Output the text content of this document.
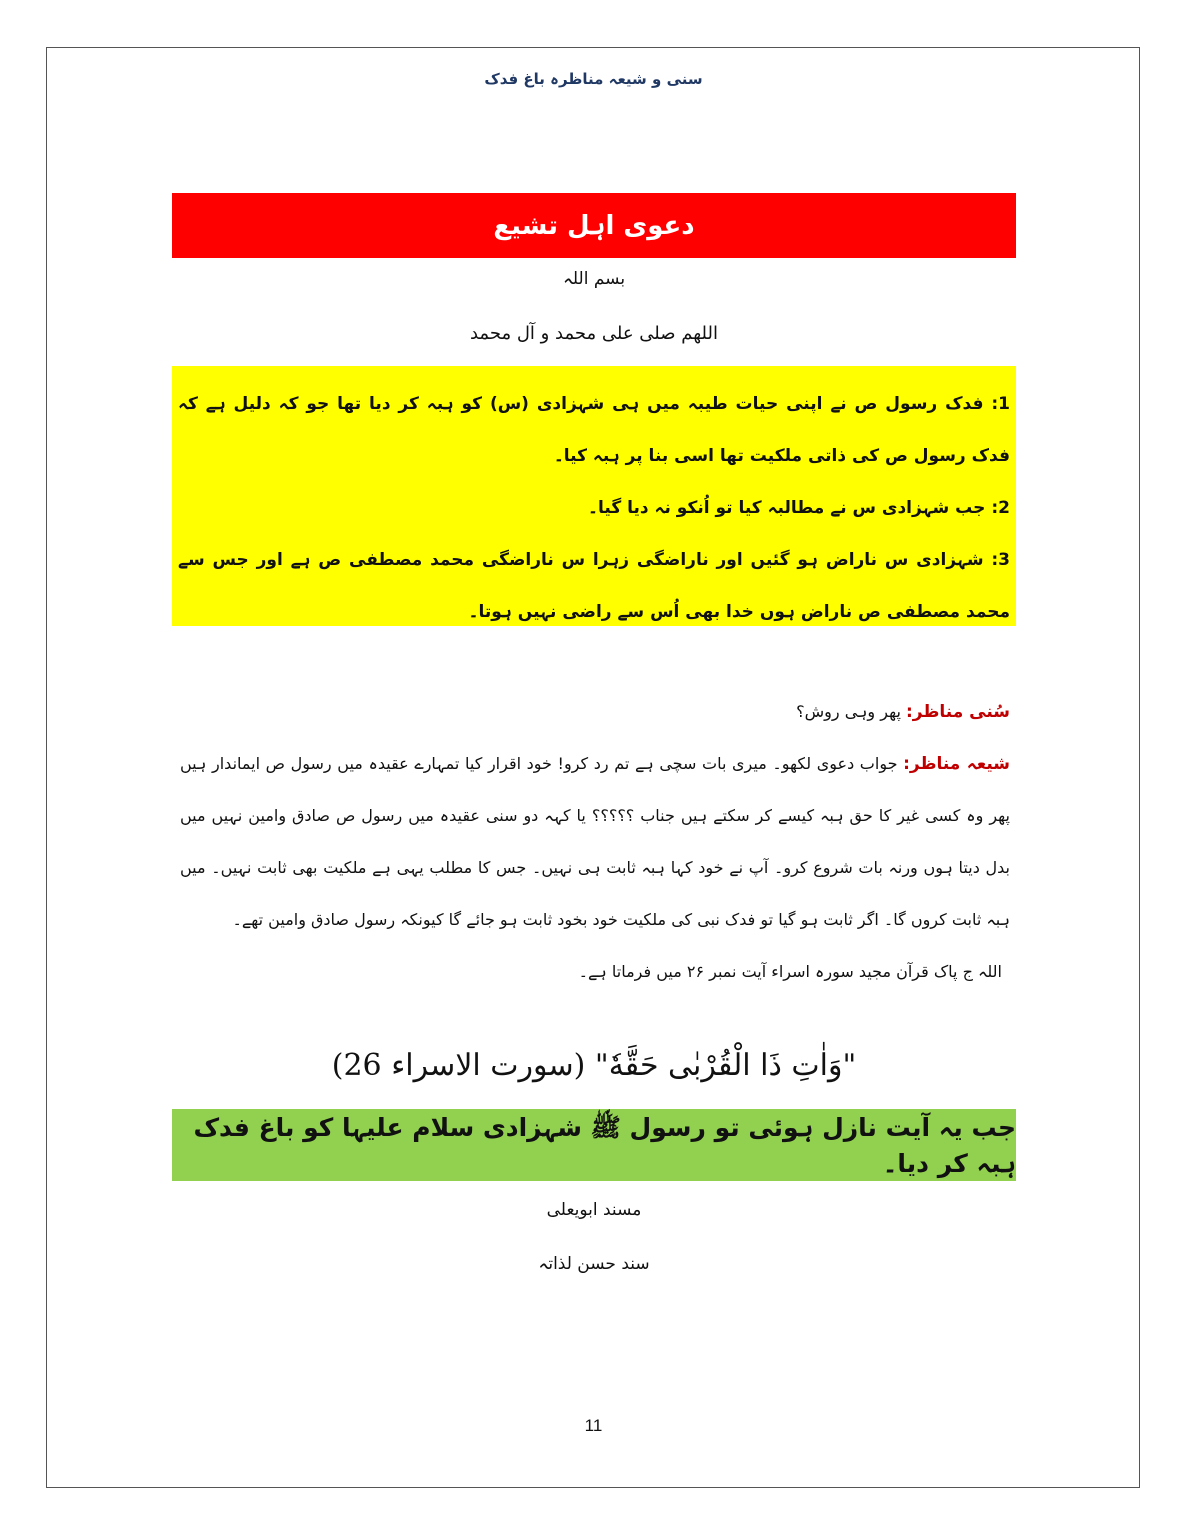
سنی و شیعہ مناظرہ باغ فدک
دعوی اہل تشیع
بسم اللہ
اللھم صلی علی محمد و آل محمد

1: فدک رسول ص نے اپنی حیات طیبہ میں ہی شہزادی (س) کو ہبہ کر دیا تھا جو کہ دلیل ہے کہ فدک رسول ص کی ذاتی ملکیت تھا اسی بنا پر ہبہ کیا۔

2: جب شہزادی س نے مطالبہ کیا تو اُنکو نہ دیا گیا۔

3: شہزادی س ناراض ہو گئیں اور ناراضگی زہرا س ناراضگی محمد مصطفی ص ہے اور جس سے محمد مصطفی ص ناراض ہوں خدا بھی اُس سے راضی نہیں ہوتا۔

سُنی مناظر: پھر وہی روش؟

شیعہ مناظر: جواب دعوی لکھو۔ میری بات سچی ہے تم رد کرو! خود اقرار کیا تمہارے عقیدہ میں رسول ص ایماندار ہیں پھر وہ کسی غیر کا حق ہبہ کیسے کر سکتے ہیں جناب ؟؟؟؟؟ یا کہہ دو سنی عقیدہ میں رسول ص صادق وامین نہیں میں بدل دیتا ہوں ورنہ بات شروع کرو۔ آپ نے خود کہا ہبہ ثابت ہی نہیں۔ جس کا مطلب یہی ہے ملکیت بھی ثابت نہیں۔ میں ہبہ ثابت کروں گا۔ اگر ثابت ہو گیا تو فدک نبی کی ملکیت خود بخود ثابت ہو جائے گا کیونکہ رسول صادق وامین تھے۔

اللہ ج پاک قرآن مجید سورہ اسراء آیت نمبر ۲۶ میں فرماتا ہے۔

"وَاٰتِ ذَا الْقُرْبٰى حَقَّهٗ" (سورت الاسراء 26)
جب یہ آیت نازل ہوئی تو رسول ﷺ شہزادی سلام علیہا کو باغ فدک ہبہ کر دیا۔
مسند ابویعلی
سند حسن لذاتہ
11
